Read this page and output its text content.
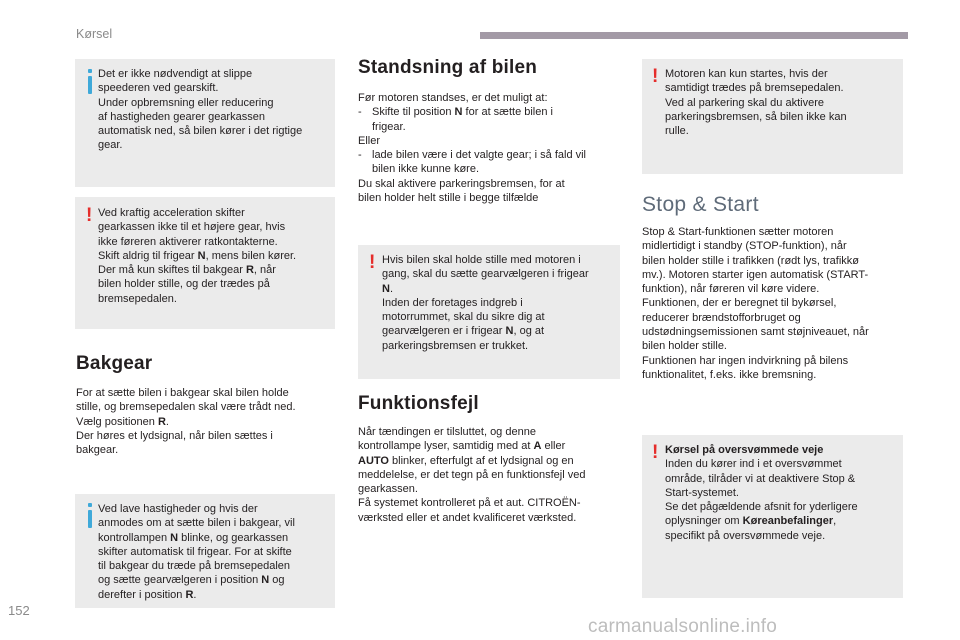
Kørsel

Det er ikke nødvendigt at slippe

speederen ved gearskift.

Under opbremsning eller reducering

af hastigheden gearer gearkassen

automatisk ned, så bilen kører i det rigtige

gear.

! Ved kraftig acceleration skifter

gearkassen ikke til et højere gear, hvis

ikke føreren aktiverer ratkontakterne.

Skift aldrig til frigear N, mens bilen kører.

Der må kun skiftes til bakgear R, når

bilen holder stille, og der trædes på

bremsepedalen.

Bakgear

For at sætte bilen i bakgear skal bilen holde

stille, og bremsepedalen skal være trådt ned.

Vælg positionen R.

Der høres et lydsignal, når bilen sættes i

bakgear.

Ved lave hastigheder og hvis der

anmodes om at sætte bilen i bakgear, vil

kontrollampen N blinke, og gearkassen

skifter automatisk til frigear. For at skifte

til bakgear du træde på bremsepedalen

og sætte gearvælgeren i position N og

derefter i position R.

Standsning af bilen

Før motoren standses, er det muligt at:

- Skifte til position N for at sætte bilen i

frigear.

Eller

- lade bilen være i det valgte gear; i så fald vil

bilen ikke kunne køre.

Du skal aktivere parkeringsbremsen, for at

bilen holder helt stille i begge tilfælde

! Hvis bilen skal holde stille med motoren i

gang, skal du sætte gearvælgeren i frigear

N.

Inden der foretages indgreb i

motorrummet, skal du sikre dig at

gearvælgeren er i frigear N, og at

parkeringsbremsen er trukket.

Funktionsfejl

Når tændingen er tilsluttet, og denne

kontrollampe lyser, samtidig med at A eller

AUTO blinker, efterfulgt af et lydsignal og en

meddelelse, er det tegn på en funktionsfejl ved

gearkassen.

Få systemet kontrolleret på et aut. CITROËN-

værksted eller et andet kvalificeret værksted.

! Motoren kan kun startes, hvis der

samtidigt trædes på bremsepedalen.

Ved al parkering skal du aktivere

parkeringsbremsen, så bilen ikke kan

rulle.

Stop & Start

Stop & Start-funktionen sætter motoren

midlertidigt i standby (STOP-funktion), når

bilen holder stille i trafikken (rødt lys, trafikkø

mv.). Motoren starter igen automatisk (START-

funktion), når føreren vil køre videre.

Funktionen, der er beregnet til bykørsel,

reducerer brændstofforbruget og

udstødningsemissionen samt støjniveauet, når

bilen holder stille.

Funktionen har ingen indvirkning på bilens

funktionalitet, f.eks. ikke bremsning.

! Kørsel på oversvømmede veje

Inden du kører ind i et oversvømmet

område, tilråder vi at deaktivere Stop &

Start-systemet.

Se det pågældende afsnit for yderligere

oplysninger om Køreanbefalinger,

specifikt på oversvømmede veje.

152
carmanualsonline.info
